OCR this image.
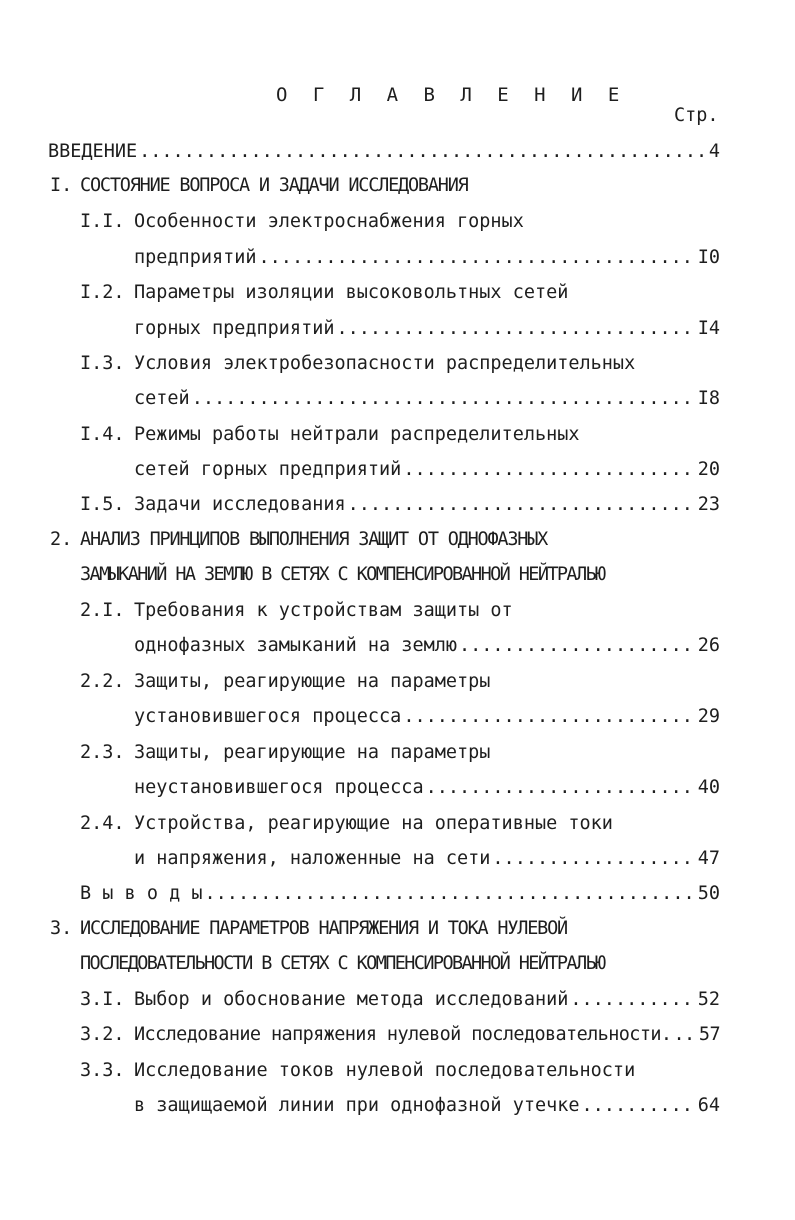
О Г Л А В Л Е Н И Е
Стр.
ВВЕДЕНИЕ .....	4
I. СОСТОЯНИЕ ВОПРОСА И ЗАДАЧИ ИССЛЕДОВАНИЯ
I.I. Особенности электроснабжения горных
предприятий .....	I0
I.2. Параметры изоляции высоковольтных сетей
горных предприятий .....	I4
I.3. Условия электробезопасности распределительных
сетей .....	I8
I.4. Режимы работы нейтрали распределительных
сетей горных предприятий .....	20
I.5. Задачи исследования .....	23
2. АНАЛИЗ ПРИНЦИПОВ ВЫПОЛНЕНИЯ ЗАЩИТ ОТ ОДНОФАЗНЫХ
ЗАМЫКАНИЙ НА ЗЕМЛЮ В СЕТЯХ С КОМПЕНСИРОВАННОЙ НЕЙТРАЛЬЮ
2.I. Требования к устройствам защиты от
однофазных замыканий на землю .....	26
2.2. Защиты, реагирующие на параметры
установившегося процесса .....	29
2.3. Защиты, реагирующие на параметры
неустановившегося процесса .....	40
2.4. Устройства, реагирующие на оперативные токи
и напряжения, наложенные на сети .....	47
В ы в о д ы .....	50
3. ИССЛЕДОВАНИЕ ПАРАМЕТРОВ НАПРЯЖЕНИЯ И ТОКА НУЛЕВОЙ
ПОСЛЕДОВАТЕЛЬНОСТИ В СЕТЯХ С КОМПЕНСИРОВАННОЙ НЕЙТРАЛЬЮ
3.I. Выбор и обоснование метода исследований .....	52
3.2. Исследование напряжения нулевой последовательности. ..... 57
3.3. Исследование токов нулевой последовательности
в защищаемой линии при однофазной утечке .....	64
